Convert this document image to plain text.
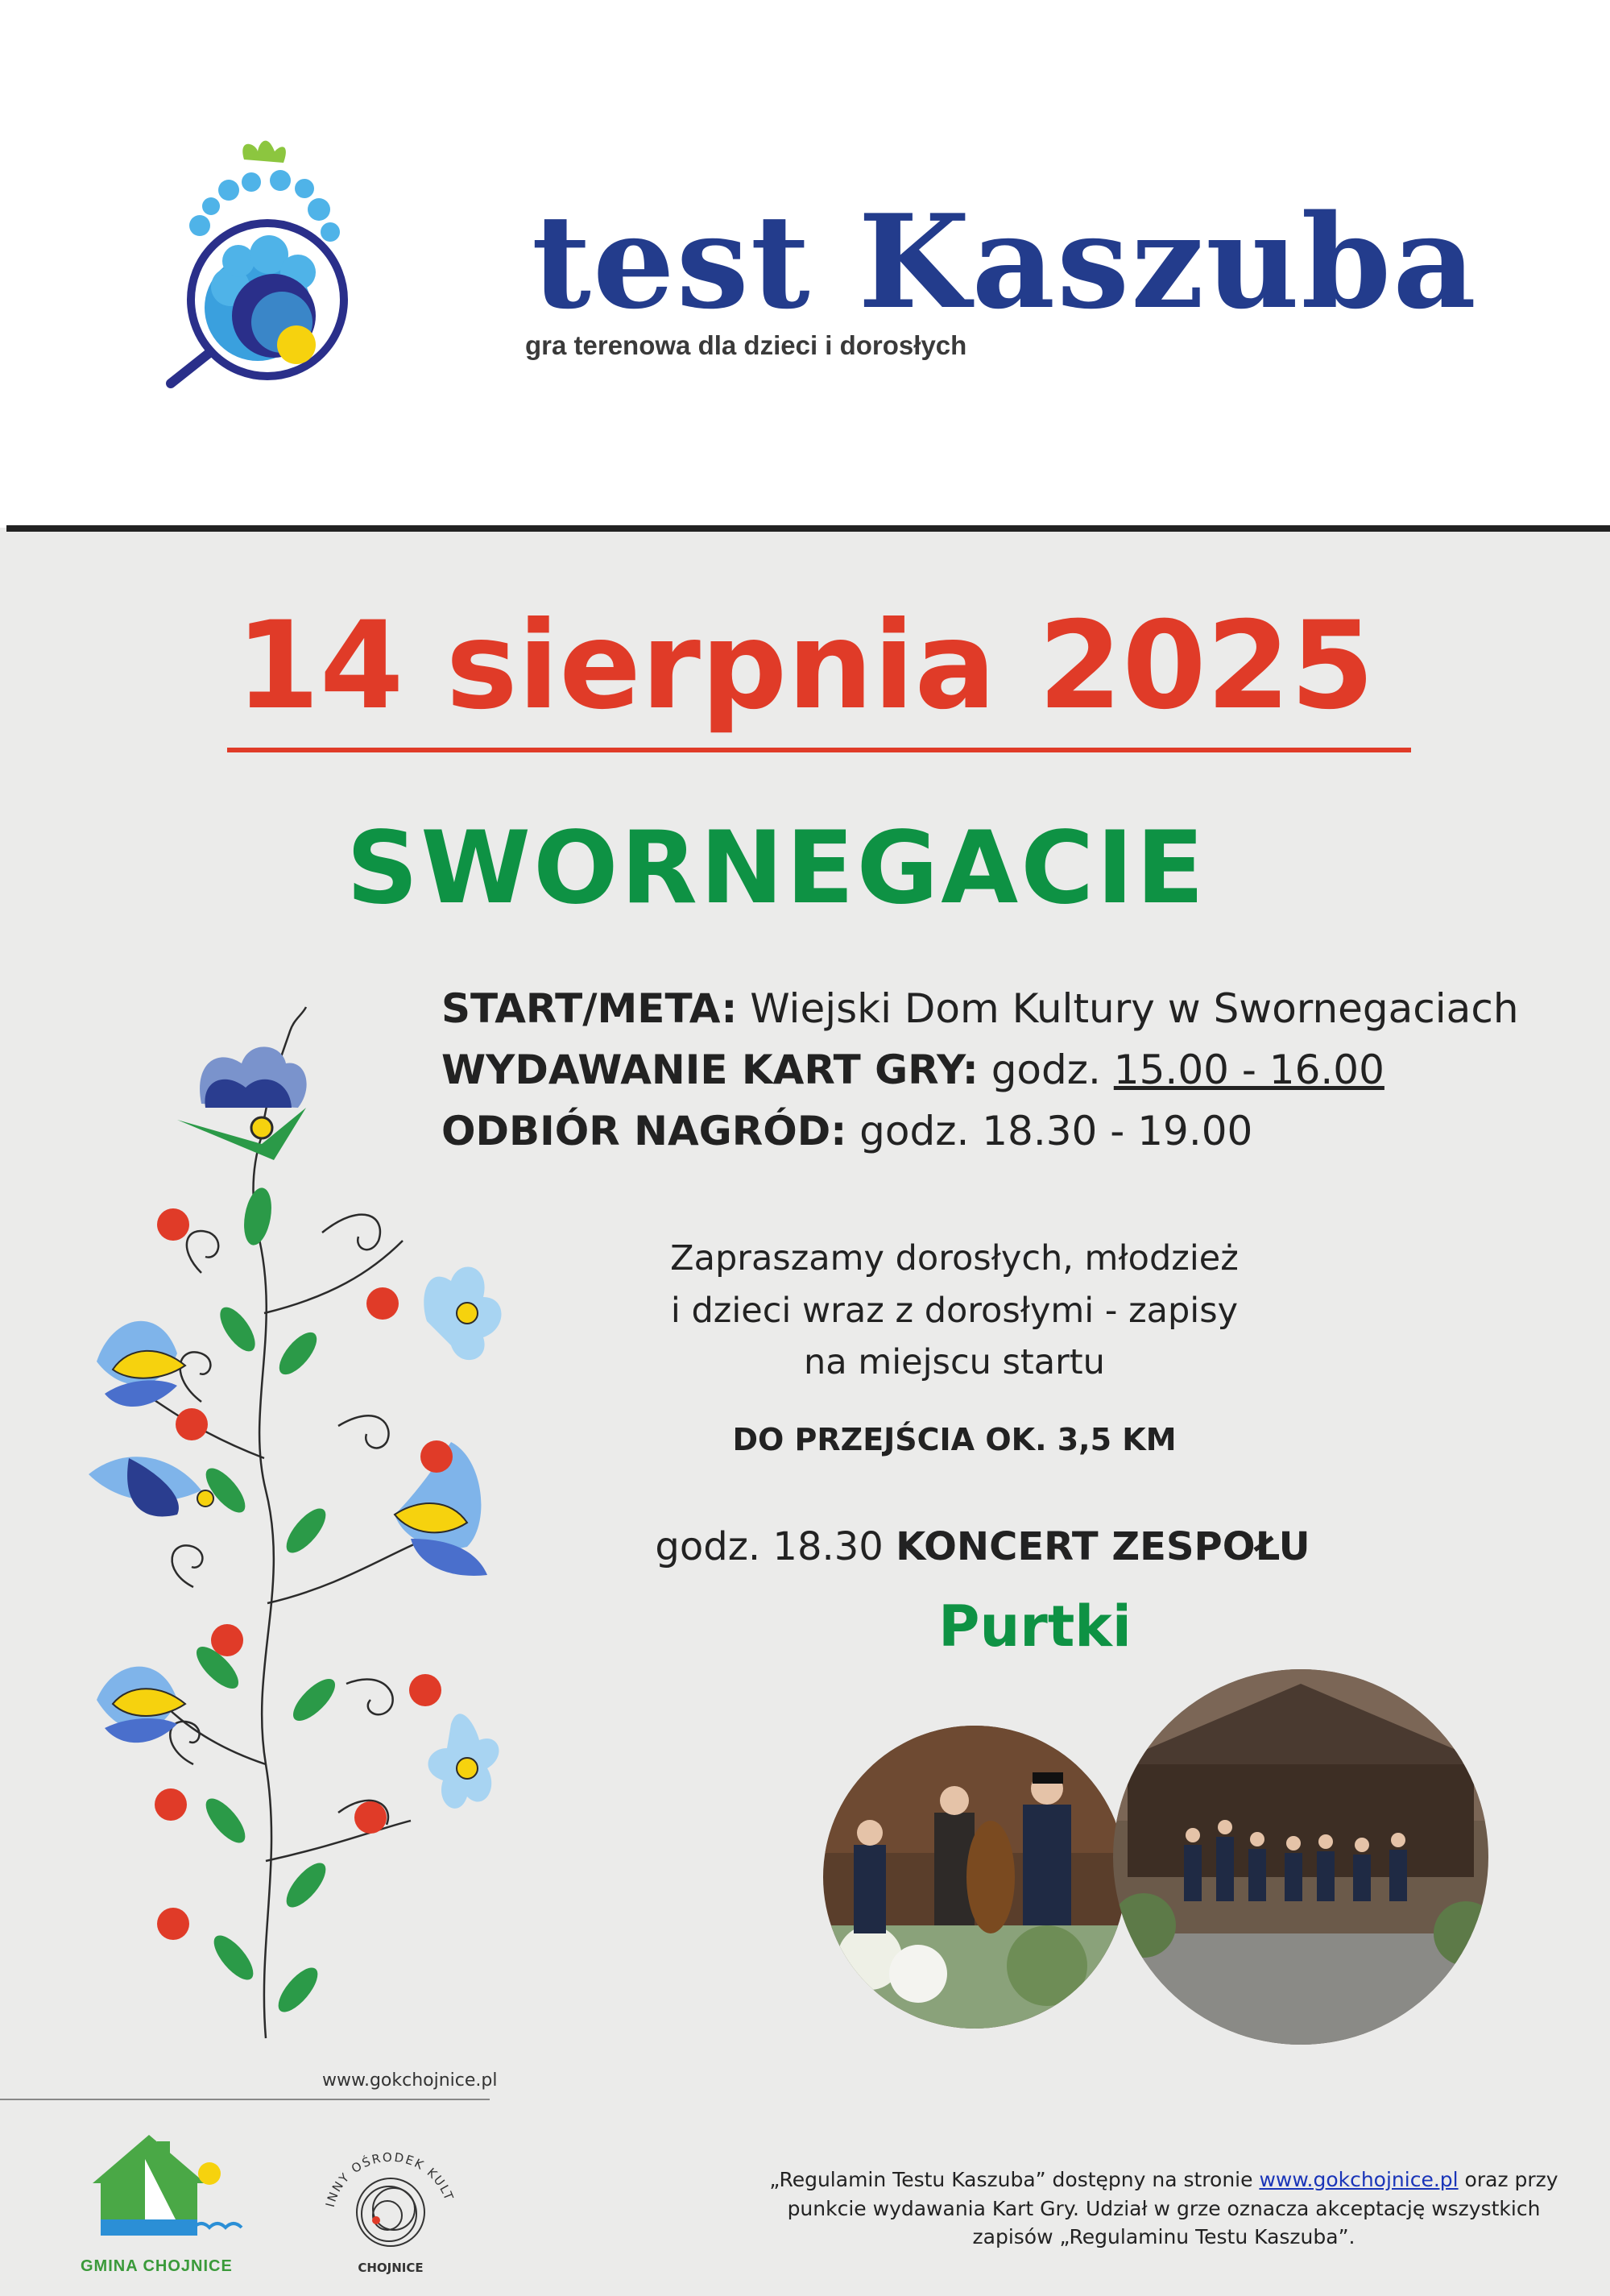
test Kaszuba
gra terenowa dla dzieci i dorosłych
14 sierpnia 2025
SWORNEGACIE
START/META: Wiejski Dom Kultury w Swornegaciach
WYDAWANIE KART GRY: godz. 15.00 - 16.00
ODBIÓR NAGRÓD: godz. 18.30 - 19.00
Zapraszamy dorosłych, młodzież
i dzieci wraz z dorosłymi - zapisy
na miejscu startu
DO PRZEJŚCIA OK. 3,5 KM
godz. 18.30 KONCERT ZESPOŁU
Purtki
www.gokchojnice.pl
GMINA CHOJNICE
INNY OŚRODEK KULT
CHOJNICE
„Regulamin Testu Kaszuba” dostępny na stronie www.gokchojnice.pl oraz przy punkcie wydawania Kart Gry. Udział w grze oznacza akceptację wszystkich zapisów „Regulaminu Testu Kaszuba”.
